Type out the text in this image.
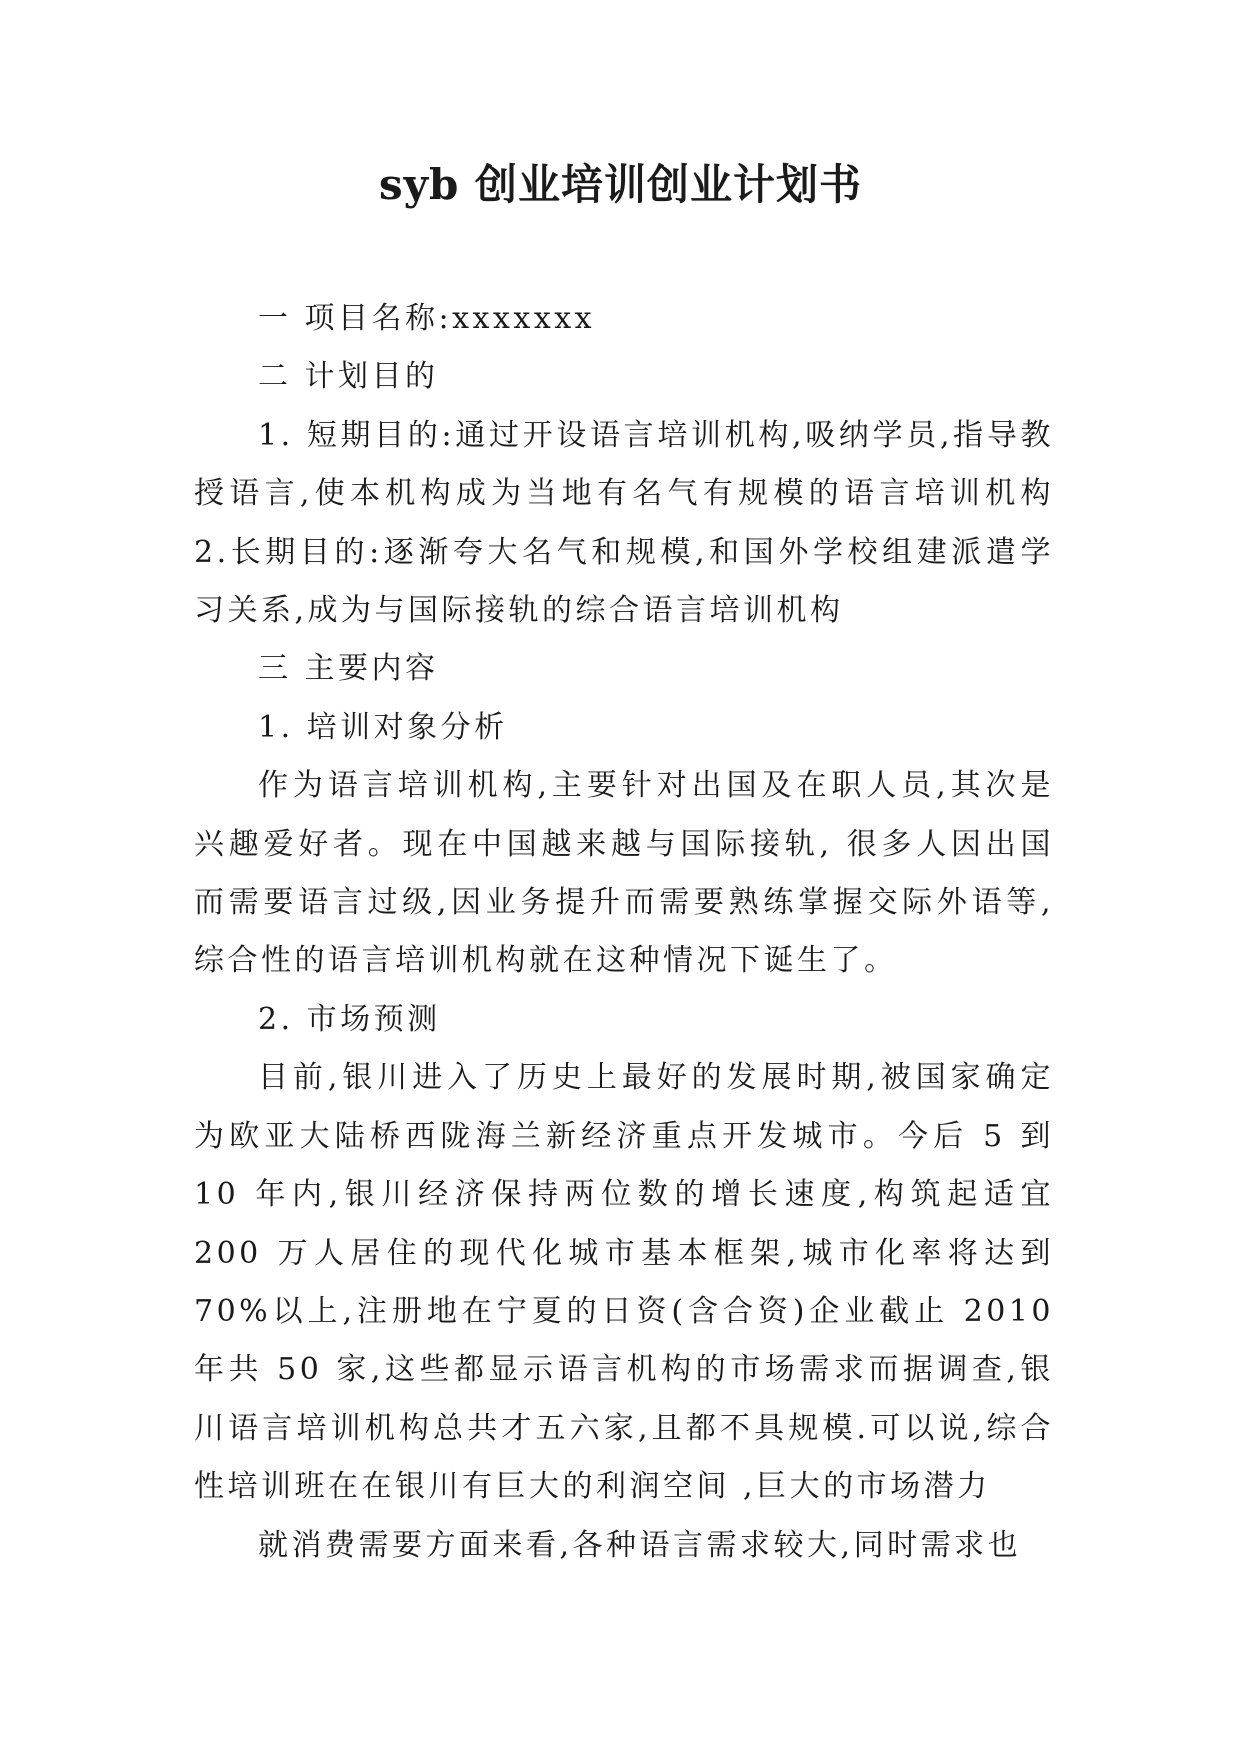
syb 创业培训创业计划书

一 项目名称:xxxxxxx

二 计划目的

1. 短期目的:通过开设语言培训机构,吸纳学员,指导教授语言,使本机构成为当地有名气有规模的语言培训机构 2.长期目的:逐渐夸大名气和规模,和国外学校组建派遣学习关系,成为与国际接轨的综合语言培训机构

三 主要内容

1. 培训对象分析

作为语言培训机构,主要针对出国及在职人员,其次是兴趣爱好者。现在中国越来越与国际接轨, 很多人因出国而需要语言过级,因业务提升而需要熟练掌握交际外语等,综合性的语言培训机构就在这种情况下诞生了。

2. 市场预测

目前,银川进入了历史上最好的发展时期,被国家确定为欧亚大陆桥西陇海兰新经济重点开发城市。今后 5 到 10 年内,银川经济保持两位数的增长速度,构筑起适宜 200 万人居住的现代化城市基本框架,城市化率将达到 70%以上,注册地在宁夏的日资(含合资)企业截止 2010 年共 50 家,这些都显示语言机构的市场需求而据调查,银川语言培训机构总共才五六家,且都不具规模.可以说,综合性培训班在在银川有巨大的利润空间 ,巨大的市场潜力

就消费需要方面来看,各种语言需求较大,同时需求也
